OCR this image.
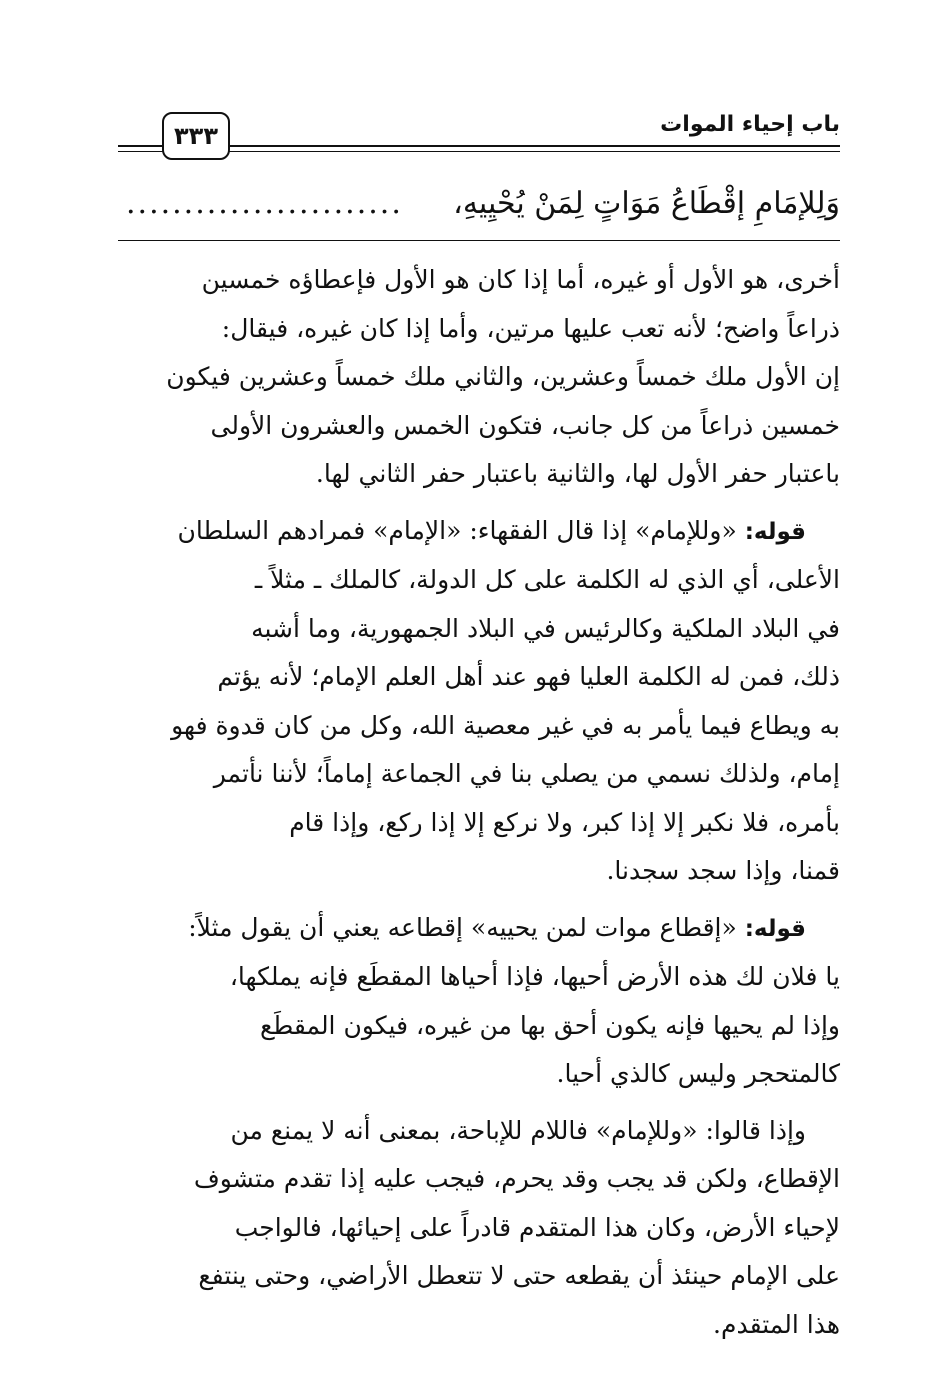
باب إحياء الموات
٣٣٣
وَلِلإمَامِ إقْطَاعُ مَوَاتٍ لِمَنْ يُحْيِيهِ،
........................
أخرى، هو الأول أو غيره، أما إذا كان هو الأول فإعطاؤه خمسين
ذراعاً واضح؛ لأنه تعب عليها مرتين، وأما إذا كان غيره، فيقال:
إن الأول ملك خمساً وعشرين، والثاني ملك خمساً وعشرين فيكون
خمسين ذراعاً من كل جانب، فتكون الخمس والعشرون الأولى
باعتبار حفر الأول لها، والثانية باعتبار حفر الثاني لها.
قوله: «وللإمام» إذا قال الفقهاء: «الإمام» فمرادهم السلطان
الأعلى، أي الذي له الكلمة على كل الدولة، كالملك ـ مثلاً ـ
في البلاد الملكية وكالرئيس في البلاد الجمهورية، وما أشبه
ذلك، فمن له الكلمة العليا فهو عند أهل العلم الإمام؛ لأنه يؤتم
به ويطاع فيما يأمر به في غير معصية الله، وكل من كان قدوة فهو
إمام، ولذلك نسمي من يصلي بنا في الجماعة إماماً؛ لأننا نأتمر
بأمره، فلا نكبر إلا إذا كبر، ولا نركع إلا إذا ركع، وإذا قام
قمنا، وإذا سجد سجدنا.
قوله: «إقطاع موات لمن يحييه» إقطاعه يعني أن يقول مثلاً:
يا فلان لك هذه الأرض أحيها، فإذا أحياها المقطَع فإنه يملكها،
وإذا لم يحيها فإنه يكون أحق بها من غيره، فيكون المقطَع
كالمتحجر وليس كالذي أحيا.
وإذا قالوا: «وللإمام» فاللام للإباحة، بمعنى أنه لا يمنع من
الإقطاع، ولكن قد يجب وقد يحرم، فيجب عليه إذا تقدم متشوف
لإحياء الأرض، وكان هذا المتقدم قادراً على إحيائها، فالواجب
على الإمام حينئذ أن يقطعه حتى لا تتعطل الأراضي، وحتى ينتفع
هذا المتقدم.
